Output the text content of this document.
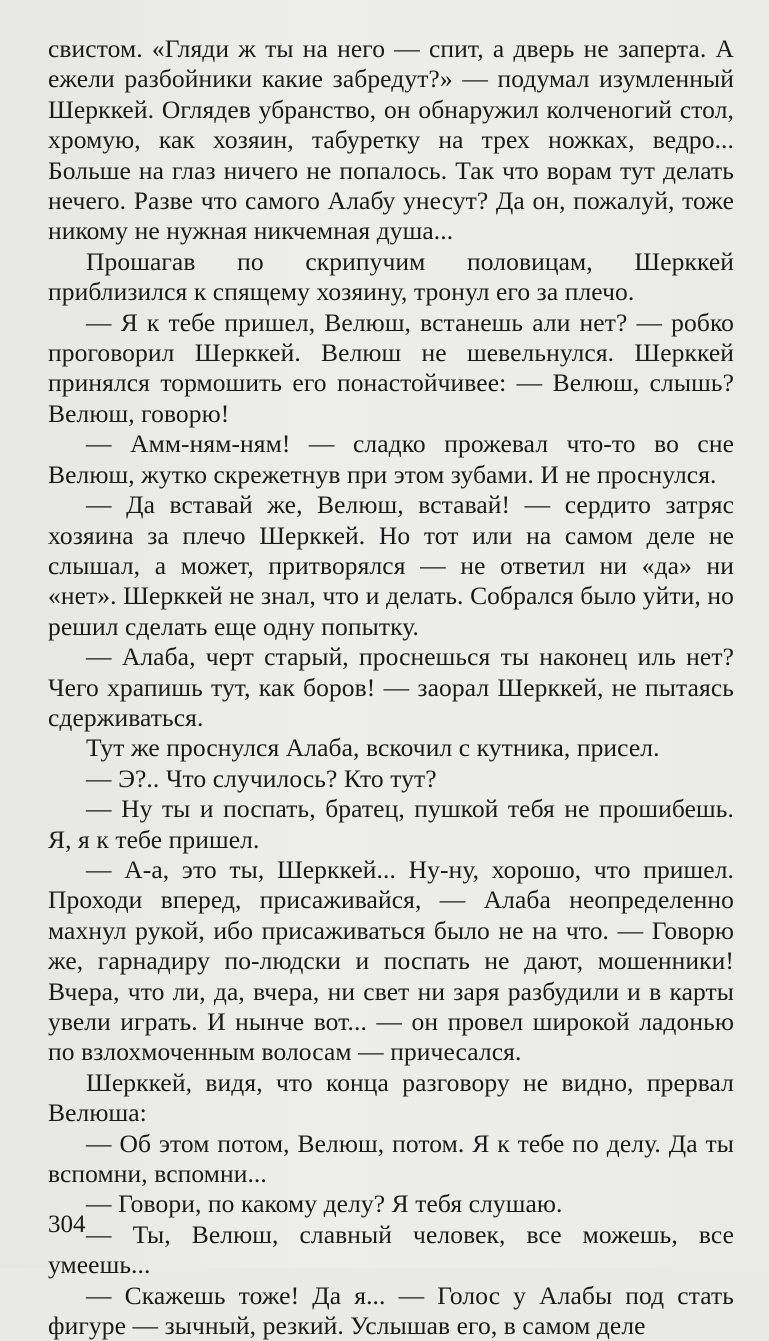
свистом. «Гляди ж ты на него — спит, а дверь не заперта. А ежели разбойники какие забредут?» — подумал изумленный Шерккей. Оглядев убранство, он обнаружил колченогий стол, хромую, как хозяин, табуретку на трех ножках, ведро... Больше на глаз ничего не попалось. Так что ворам тут делать нечего. Разве что самого Алабу унесут? Да он, пожалуй, тоже никому не нужная никчемная душа...

Прошагав по скрипучим половицам, Шерккей приблизился к спящему хозяину, тронул его за плечо.

— Я к тебе пришел, Велюш, встанешь али нет? — робко проговорил Шерккей. Велюш не шевельнулся. Шерккей принялся тормошить его понастойчивее: — Велюш, слышь? Велюш, говорю!

— Амм-ням-ням! — сладко прожевал что-то во сне Велюш, жутко скрежетнув при этом зубами. И не проснулся.

— Да вставай же, Велюш, вставай! — сердито затряс хозяина за плечо Шерккей. Но тот или на самом деле не слышал, а может, притворялся — не ответил ни «да» ни «нет». Шерккей не знал, что и делать. Собрался было уйти, но решил сделать еще одну попытку.

— Алаба, черт старый, проснешься ты наконец иль нет? Чего храпишь тут, как боров! — заорал Шерккей, не пытаясь сдерживаться.

Тут же проснулся Алаба, вскочил с кутника, присел.

— Э?.. Что случилось? Кто тут?

— Ну ты и поспать, братец, пушкой тебя не прошибешь. Я, я к тебе пришел.

— А-а, это ты, Шерккей... Ну-ну, хорошо, что пришел. Проходи вперед, присаживайся, — Алаба неопределенно махнул рукой, ибо присаживаться было не на что. — Говорю же, гарнадиру по-людски и поспать не дают, мошенники! Вчера, что ли, да, вчера, ни свет ни заря разбудили и в карты увели играть. И нынче вот... — он провел широкой ладонью по взлохмоченным волосам — причесался.

Шерккей, видя, что конца разговору не видно, прервал Велюша:

— Об этом потом, Велюш, потом. Я к тебе по делу. Да ты вспомни, вспомни...

— Говори, по какому делу? Я тебя слушаю.

— Ты, Велюш, славный человек, все можешь, все умеешь...

— Скажешь тоже! Да я... — Голос у Алабы под стать фигуре — зычный, резкий. Услышав его, в самом деле

304
